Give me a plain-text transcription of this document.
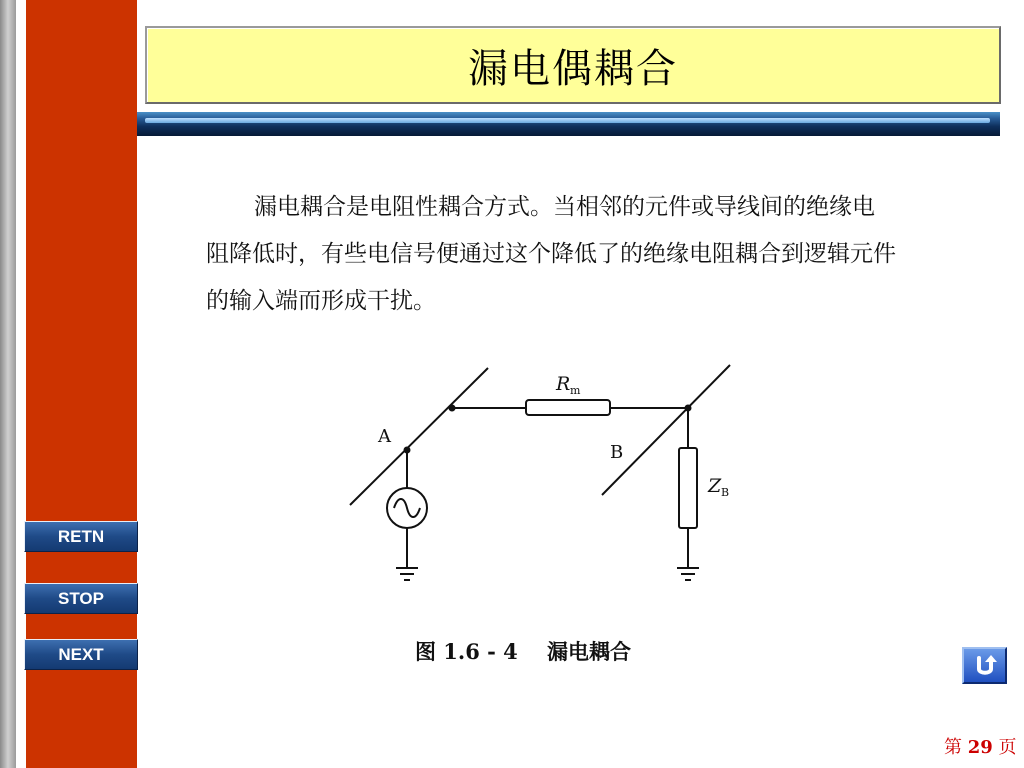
漏电偶耦合
漏电耦合是电阻性耦合方式。当相邻的元件或导线间的绝缘电阻降低时，有些电信号便通过这个降低了的绝缘电阻耦合到逻辑元件的输入端而形成干扰。
A
B
R m
Z B
图 1.6 - 4    漏电耦合
RETN
STOP
NEXT
第 29 页
